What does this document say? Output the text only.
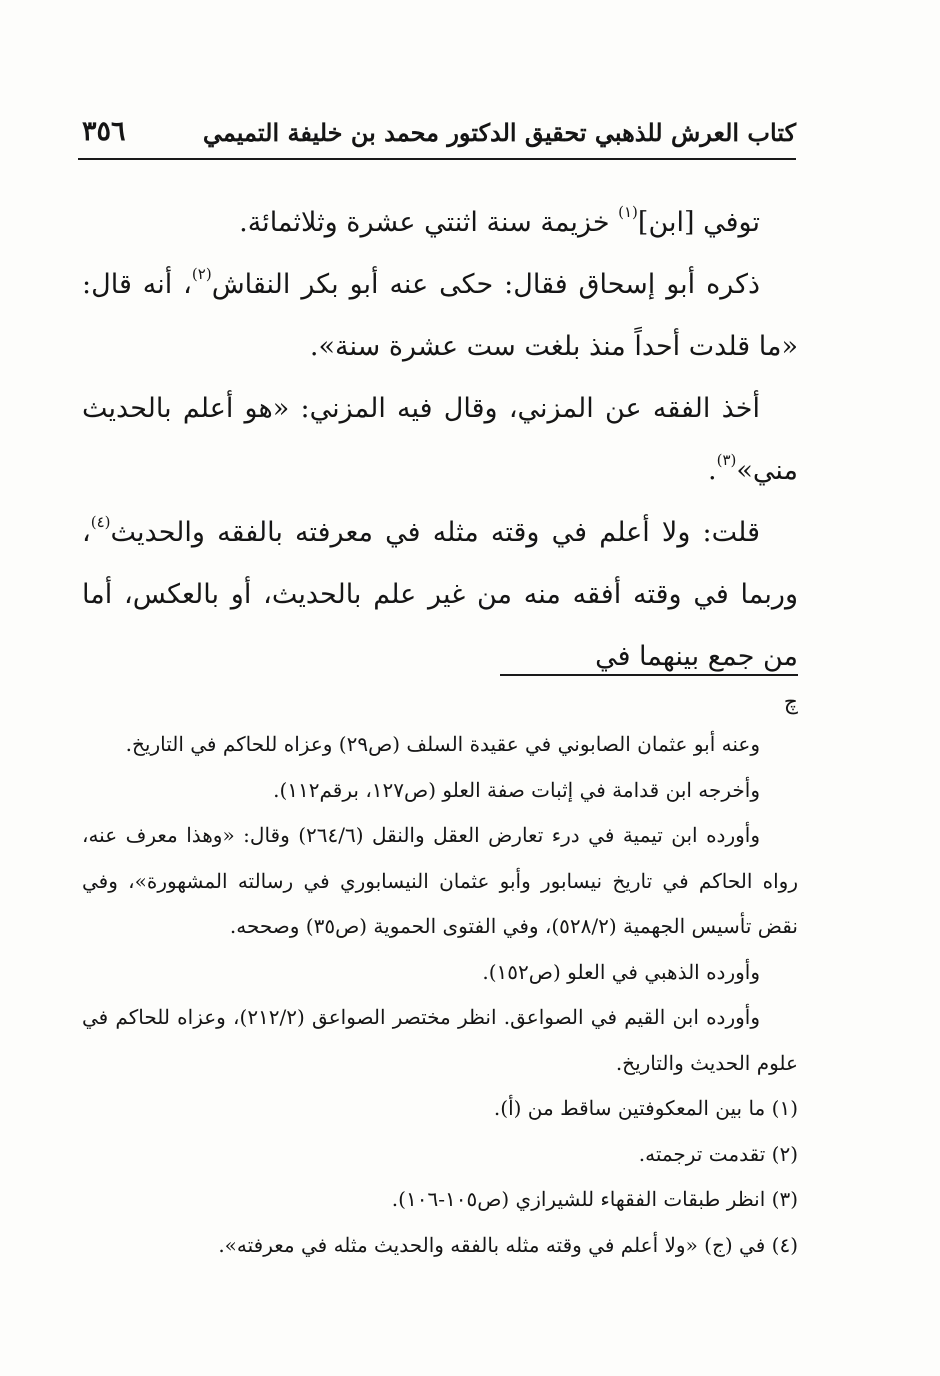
كتاب العرش للذهبي تحقيق الدكتور محمد بن خليفة التميمي
٣٥٦

توفي [ابن]$^{(١)}$ خزيمة سنة اثنتي عشرة وثلاثمائة.

ذكره أبو إسحاق فقال: حكى عنه أبو بكر النقاش$^{(٢)}$، أنه قال: «ما قلدت أحداً منذ بلغت ست عشرة سنة».

أخذ الفقه عن المزني، وقال فيه المزني: «هو أعلم بالحديث مني»$^{(٣)}$.

قلت: ولا أعلم في وقته مثله في معرفته بالفقه والحديث$^{(٤)}$، وربما في وقته أفقه منه من غير علم بالحديث، أو بالعكس، أما من جمع بينهما في

ﭺ

وعنه أبو عثمان الصابوني في عقيدة السلف (ص٢٩) وعزاه للحاكم في التاريخ.

وأخرجه ابن قدامة في إثبات صفة العلو (ص١٢٧، برقم١١٢).

وأورده ابن تيمية في درء تعارض العقل والنقل (٢٦٤/٦) وقال: «وهذا معرف عنه، رواه الحاكم في تاريخ نيسابور وأبو عثمان النيسابوري في رسالته المشهورة»، وفي نقض تأسيس الجهمية (٥٢٨/٢)، وفي الفتوى الحموية (ص٣٥) وصححه.

وأورده الذهبي في العلو (ص١٥٢).

وأورده ابن القيم في الصواعق. انظر مختصر الصواعق (٢١٢/٢)، وعزاه للحاكم في علوم الحديث والتاريخ.

(١) ما بين المعكوفتين ساقط من (أ).

(٢) تقدمت ترجمته.

(٣) انظر طبقات الفقهاء للشيرازي (ص١٠٥-١٠٦).

(٤) في (ج) «ولا أعلم في وقته مثله بالفقه والحديث مثله في معرفته».
